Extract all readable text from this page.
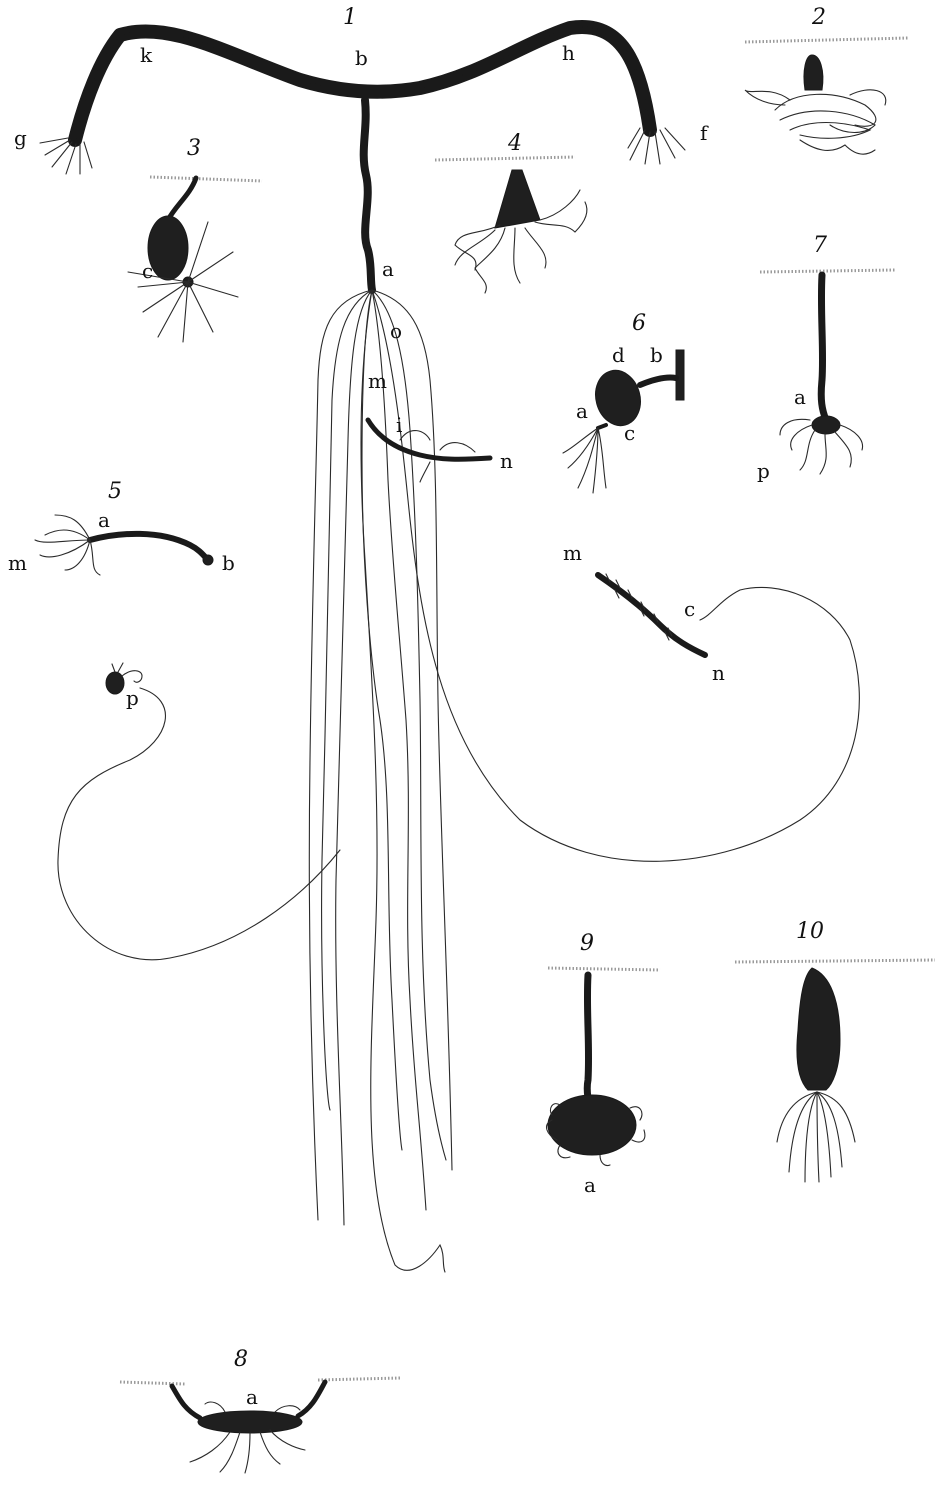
1
k	b	h
g	f
a
o
m
i
n
2
3
c
4
5
a
m	b
p
6
d b
a
c
7
a
p
m
c
n
9
a
10
8
a
